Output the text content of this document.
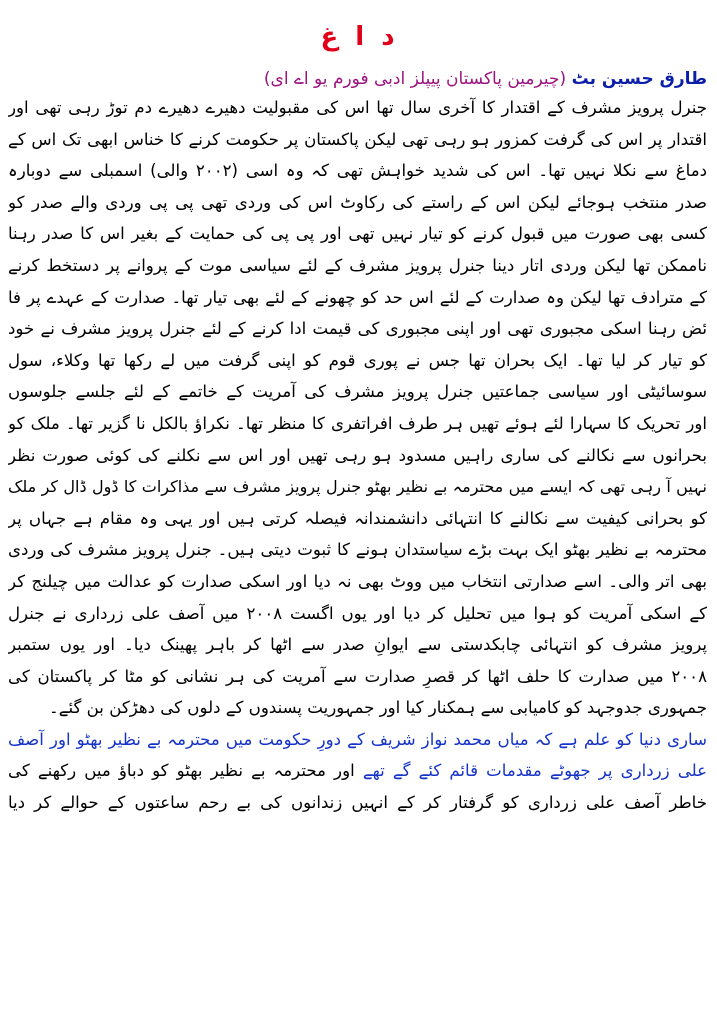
د ا غ
طارق حسین بٹ (چیرمین پاکستان پیپلز ادبی فورم یو اے ای)
جنرل پرویز مشرف کے اقتدار کا آخری سال تھا اس کی مقبولیت دھیرے دھیرے دم توڑ رہی تھی اور
اقتدار پر اس کی گرفت کمزور ہو رہی تھی لیکن پاکستان پر حکومت کرنے کا خناس ابھی تک اس کے
دماغ سے نکلا نہیں تھا۔ اس کی شدید خواہش تھی کہ وہ اسی (۲۰۰۲ والی) اسمبلی سے دوبارہ
صدر منتخب ہوجائے لیکن اس کے راستے کی رکاوٹ اس کی وردی تھی پی پی وردی والے صدر کو
کسی بھی صورت میں قبول کرنے کو تیار نہیں تھی اور پی پی کی حمایت کے بغیر اس کا صدر رہنا
ناممکن تھا لیکن وردی اتار دینا جنرل پرویز مشرف کے لئے سیاسی موت کے پروانے پر دستخط کرنے
کے مترادف تھا لیکن وہ صدارت کے لئے اس حد کو چھونے کے لئے بھی تیار تھا۔ صدارت کے عہدے پر فا
ئض رہنا اسکی مجبوری تھی اور اپنی مجبوری کی قیمت ادا کرنے کے لئے جنرل پرویز مشرف نے خود
کو تیار کر لیا تھا۔ ایک بحران تھا جس نے پوری قوم کو اپنی گرفت میں لے رکھا تھا وکلاء، سول
سوسائیٹی اور سیاسی جماعتیں جنرل پرویز مشرف کی آمریت کے خاتمے کے لئے جلسے جلوسوں
اور تحریک کا سہارا لئے ہوئے تھیں ہر طرف افراتفری کا منظر تھا۔ نکراؤ بالکل نا گزیر تھا۔ ملک کو
بحرانوں سے نکالنے کی ساری راہیں مسدود ہو رہی تھیں اور اس سے نکلنے کی کوئی صورت نظر
نہیں آ رہی تھی کہ ایسے میں محترمہ بے نظیر بھٹو جنرل پرویز مشرف سے مذاکرات کا ڈول ڈال کر ملک
کو بحرانی کیفیت سے نکالنے کا انتہائی دانشمندانہ فیصلہ کرتی ہیں اور یہی وہ مقام ہے جہاں پر
محترمہ بے نظیر بھٹو ایک بہت بڑے سیاستدان ہونے کا ثبوت دیتی ہیں۔ جنرل پرویز مشرف کی وردی
بھی اتر والی۔ اسے صدارتی انتخاب میں ووٹ بھی نہ دیا اور اسکی صدارت کو عدالت میں چیلنج کر
کے اسکی آمریت کو ہوا میں تحلیل کر دیا اور یوں اگست ۲۰۰۸ میں آصف علی زرداری نے جنرل
پرویز مشرف کو انتہائی چابکدستی سے ایوانِ صدر سے اٹھا کر باہر پھینک دیا۔ اور یوں ستمبر
۲۰۰۸ میں صدارت کا حلف اٹھا کر قصرِ صدارت سے آمریت کی ہر نشانی کو مٹا کر پاکستان کی
جمہوری جدوجہد کو کامیابی سے ہمکنار کیا اور جمہوریت پسندوں کے دلوں کی دھڑکن بن گئے۔
ساری دنیا کو علم ہے کہ میاں محمد نواز شریف کے دورِ حکومت میں محترمہ بے نظیر بھٹو اور آصف
علی زرداری پر جھوٹے مقدمات قائم کئے گے تھے اور محترمہ بے نظیر بھٹو کو دباؤ میں رکھنے کی
خاطر آصف علی زرداری کو گرفتار کر کے انہیں زندانوں کی بے رحم ساعتوں کے حوالے کر دیا
